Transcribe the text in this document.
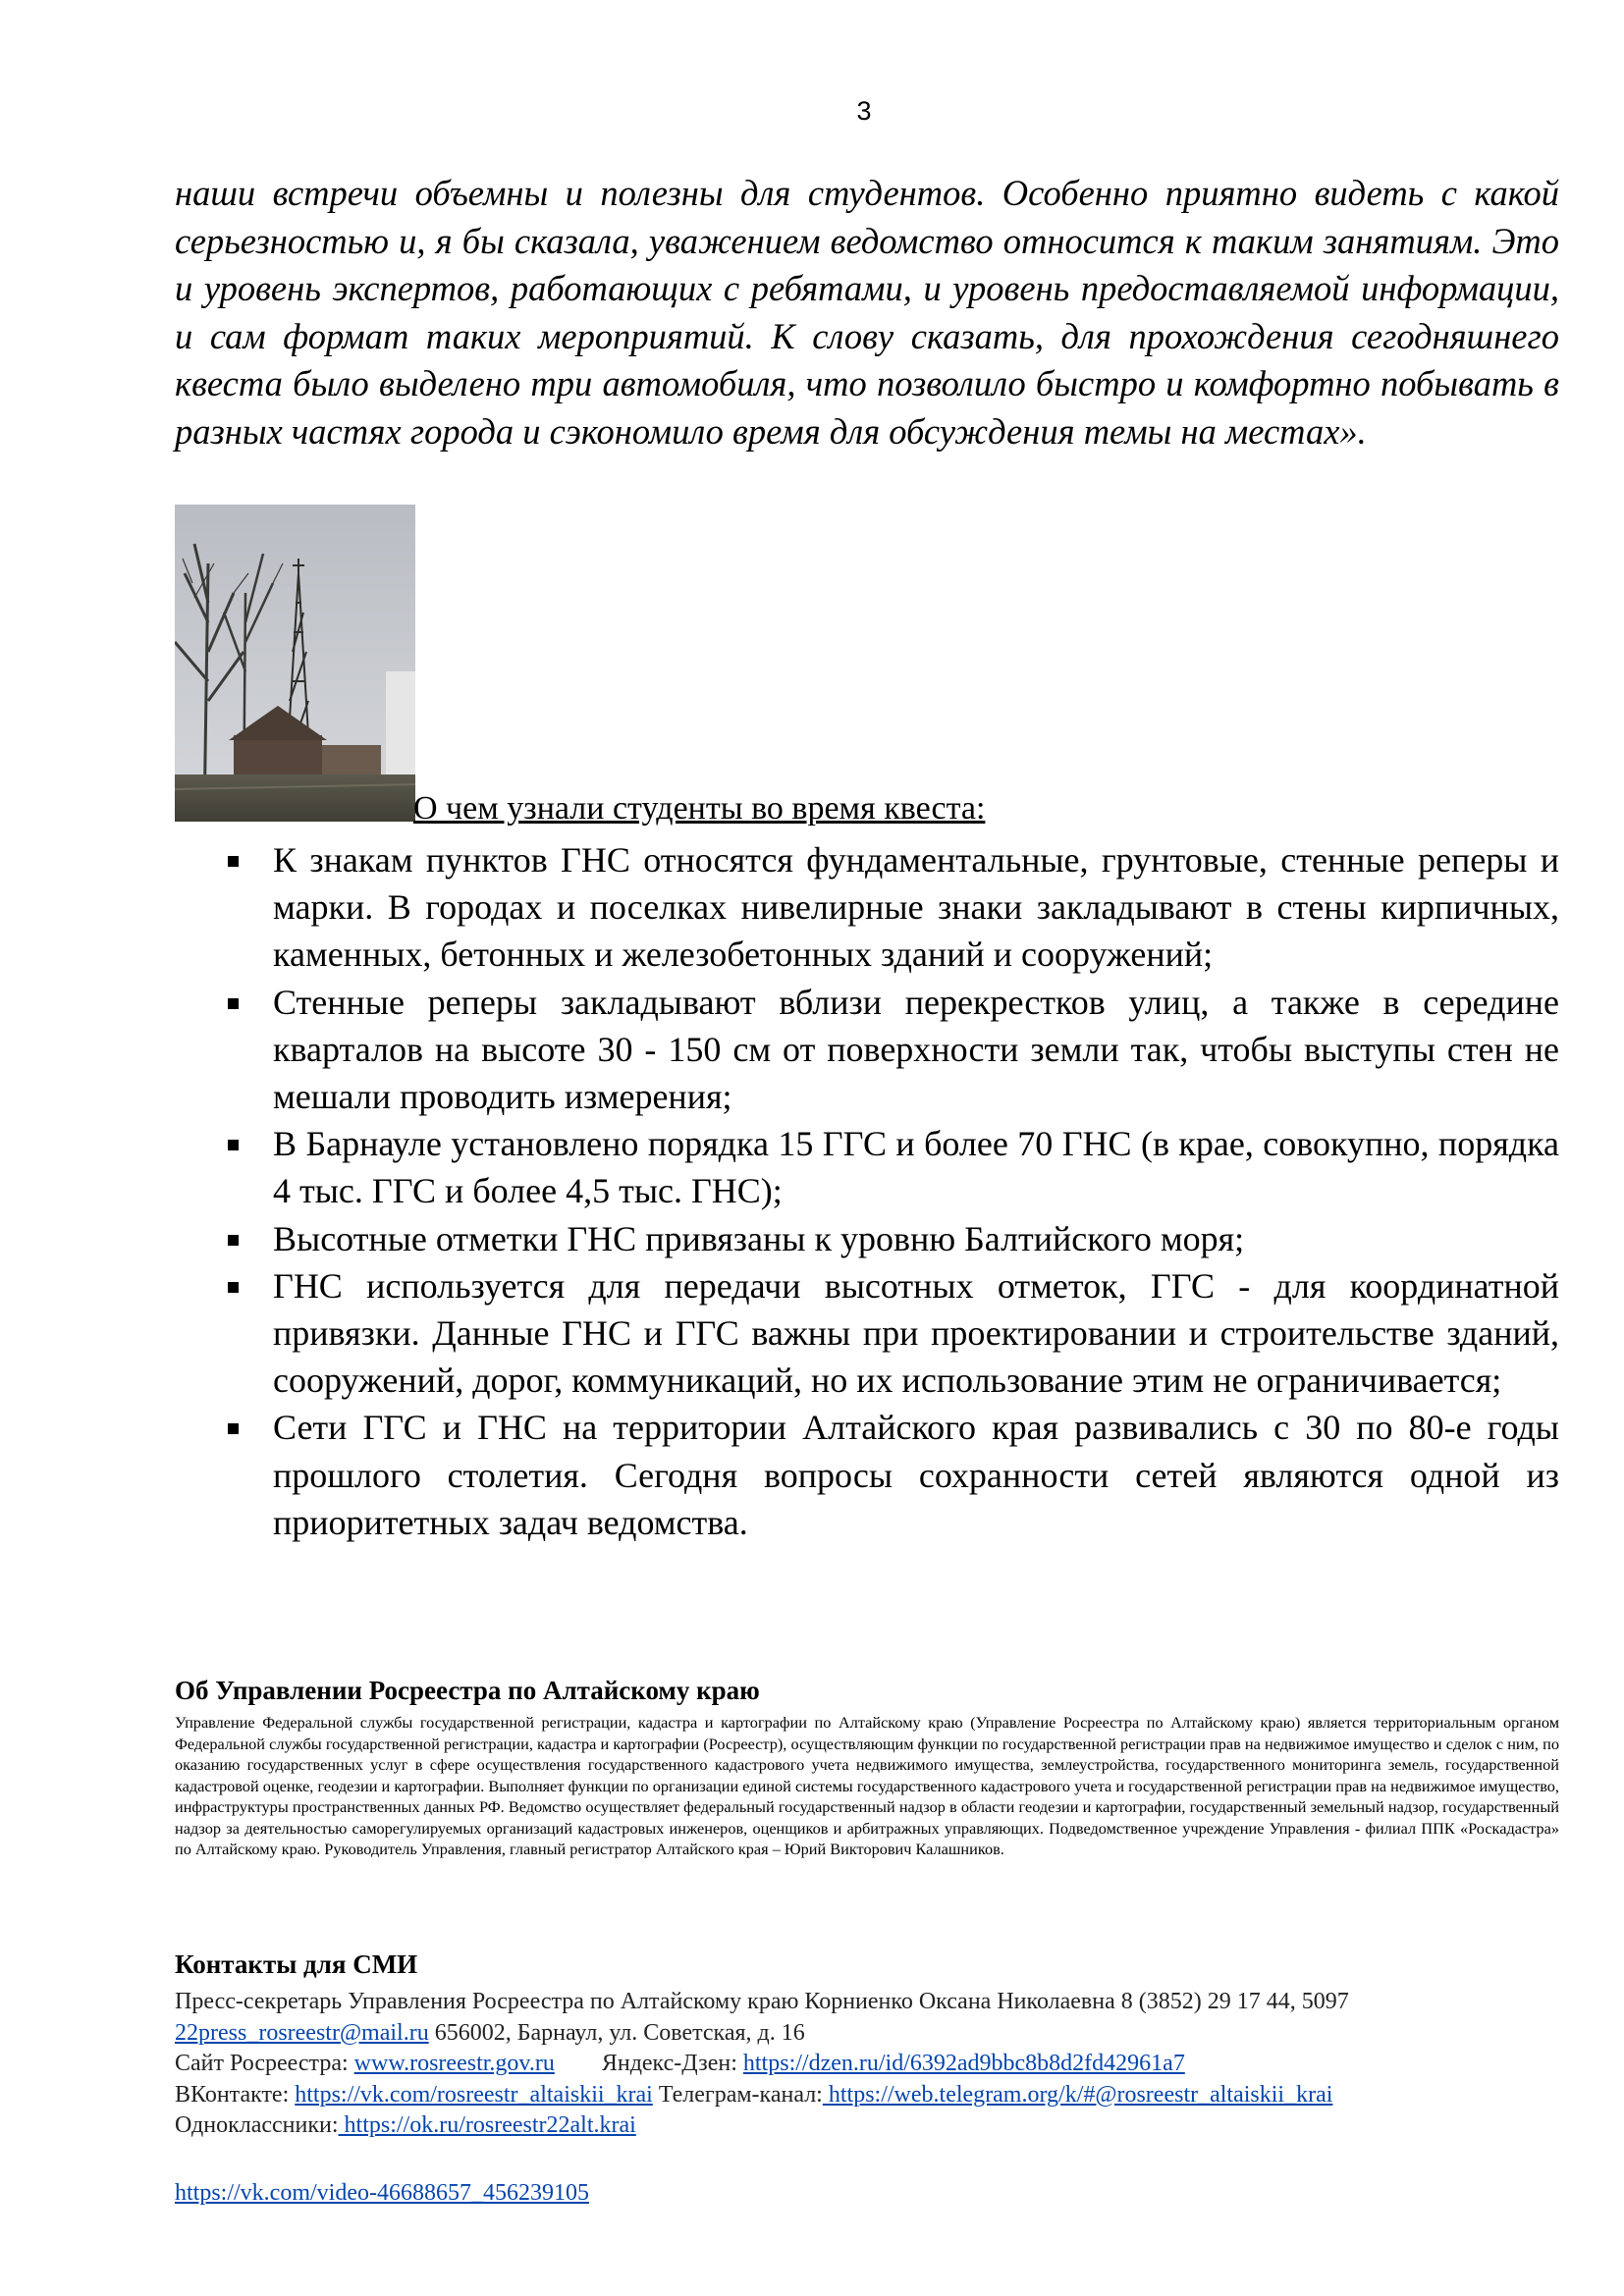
3

наши встречи объемны и полезны для студентов. Особенно приятно видеть с какой серьезностью и, я бы сказала, уважением ведомство относится к таким занятиям. Это и уровень экспертов, работающих с ребятами, и уровень предоставляемой информации, и сам формат таких мероприятий. К слову сказать, для прохождения сегодняшнего квеста было выделено три автомобиля, что позволило быстро и комфортно побывать в разных частях города и сэкономило время для обсуждения темы на местах».

О чем узнали студенты во время квеста:
К знакам пунктов ГНС относятся фундаментальные, грунтовые, стенные реперы и марки. В городах и поселках нивелирные знаки закладывают в стены кирпичных, каменных, бетонных и железобетонных зданий и сооружений;
Стенные реперы закладывают вблизи перекрестков улиц, а также в середине кварталов на высоте 30 - 150 см от поверхности земли так, чтобы выступы стен не мешали проводить измерения;
В Барнауле установлено порядка 15 ГГС и более 70 ГНС (в крае, совокупно, порядка 4 тыс. ГГС и более 4,5 тыс. ГНС);
Высотные отметки ГНС привязаны к уровню Балтийского моря;
ГНС используется для передачи высотных отметок, ГГС - для координатной привязки. Данные ГНС и ГГС важны при проектировании и строительстве зданий, сооружений, дорог, коммуникаций, но их использование этим не ограничивается;
Сети ГГС и ГНС на территории Алтайского края развивались с 30 по 80-е годы прошлого столетия. Сегодня вопросы сохранности сетей являются одной из приоритетных задач ведомства.
Об Управлении Росреестра по Алтайскому краю

Управление Федеральной службы государственной регистрации, кадастра и картографии по Алтайскому краю (Управление Росреестра по Алтайскому краю) является территориальным органом Федеральной службы государственной регистрации, кадастра и картографии (Росреестр), осуществляющим функции по государственной регистрации прав на недвижимое имущество и сделок с ним, по оказанию государственных услуг в сфере осуществления государственного кадастрового учета недвижимого имущества, землеустройства, государственного мониторинга земель, государственной кадастровой оценке, геодезии и картографии. Выполняет функции по организации единой системы государственного кадастрового учета и государственной регистрации прав на недвижимое имущество, инфраструктуры пространственных данных РФ. Ведомство осуществляет федеральный государственный надзор в области геодезии и картографии, государственный земельный надзор, государственный надзор за деятельностью саморегулируемых организаций кадастровых инженеров, оценщиков и арбитражных управляющих. Подведомственное учреждение Управления - филиал ППК «Роскадастра» по Алтайскому краю. Руководитель Управления, главный регистратор Алтайского края – Юрий Викторович Калашников.

Контакты для СМИ
Пресс-секретарь Управления Росреестра по Алтайскому краю Корниенко Оксана Николаевна 8 (3852) 29 17 44, 5097
22press_rosreestr@mail.ru 656002, Барнаул, ул. Советская, д. 16
Сайт Росреестра: www.rosreestr.gov.ru Яндекс-Дзен: https://dzen.ru/id/6392ad9bbc8b8d2fd42961a7
ВКонтакте: https://vk.com/rosreestr_altaiskii_krai Телеграм-канал: https://web.telegram.org/k/#@rosreestr_altaiskii_krai
Одноклассники: https://ok.ru/rosreestr22alt.krai
https://vk.com/video-46688657_456239105
